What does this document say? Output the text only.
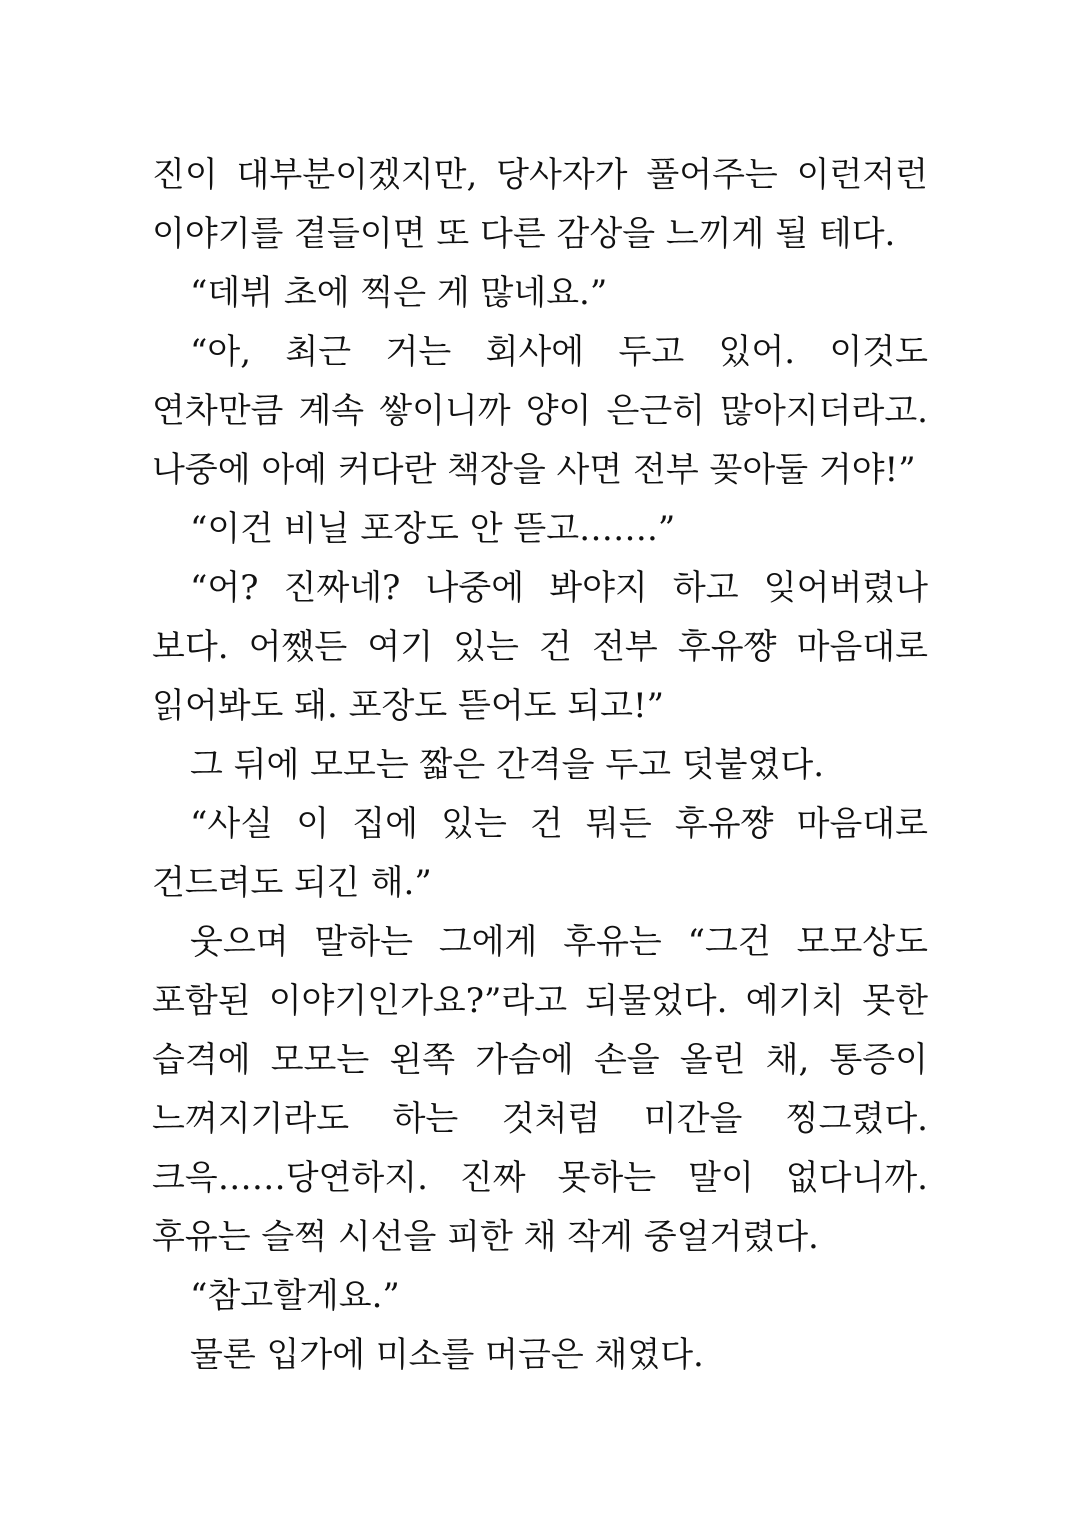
진이 대부분이겠지만, 당사자가 풀어주는 이런저런 이야기를 곁들이면 또 다른 감상을 느끼게 될 테다.

“데뷔 초에 찍은 게 많네요.”

“아, 최근 거는 회사에 두고 있어. 이것도 연차만큼 계속 쌓이니까 양이 은근히 많아지더라고. 나중에 아예 커다란 책장을 사면 전부 꽂아둘 거야!”

“이건 비닐 포장도 안 뜯고…….”

“어? 진짜네? 나중에 봐야지 하고 잊어버렸나 보다. 어쨌든 여기 있는 건 전부 후유쨩 마음대로 읽어봐도 돼. 포장도 뜯어도 되고!”

그 뒤에 모모는 짧은 간격을 두고 덧붙였다.

“사실 이 집에 있는 건 뭐든 후유쨩 마음대로 건드려도 되긴 해.”

웃으며 말하는 그에게 후유는 “그건 모모상도 포함된 이야기인가요?”라고 되물었다. 예기치 못한 습격에 모모는 왼쪽 가슴에 손을 올린 채, 통증이 느껴지기라도 하는 것처럼 미간을 찡그렸다. 크윽……당연하지. 진짜 못하는 말이 없다니까. 후유는 슬쩍 시선을 피한 채 작게 중얼거렸다.

“참고할게요.”

물론 입가에 미소를 머금은 채였다.
